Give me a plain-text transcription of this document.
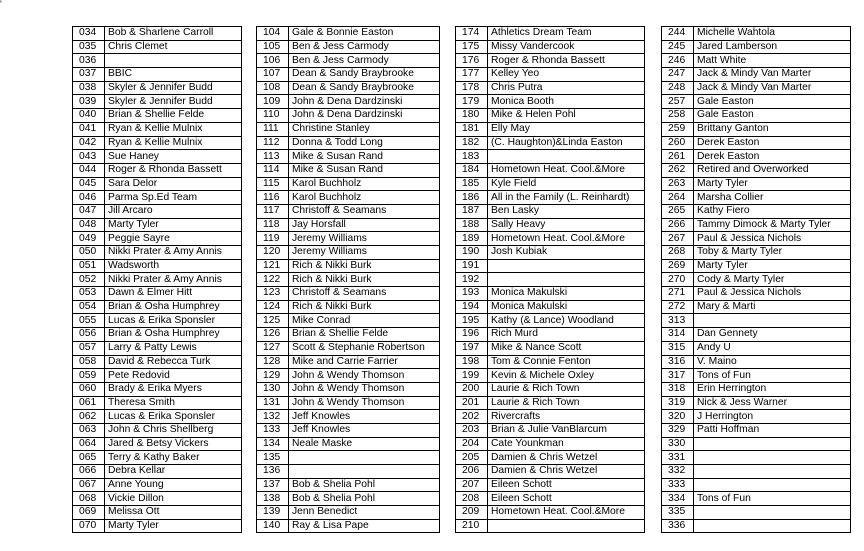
'
034	Bob & Sharlene Carroll
035	Chris Clemet
036	
037	BBIC
038	Skyler & Jennifer Budd
039	Skyler & Jennifer Budd
040	Brian & Shellie Felde
041	Ryan & Kellie Mulnix
042	Ryan & Kellie Mulnix
043	Sue Haney
044	Roger & Rhonda Bassett
045	Sara Delor
046	Parma Sp.Ed Team
047	Jill Arcaro
048	Marty Tyler
049	Peggie Sayre
050	Nikki Prater & Amy Annis
051	Wadsworth
052	Nikki Prater & Amy Annis
053	Dawn & Elmer Hitt
054	Brian & Osha Humphrey
055	Lucas & Erika Sponsler
056	Brian & Osha Humphrey
057	Larry & Patty Lewis
058	David & Rebecca Turk
059	Pete Redovid
060	Brady & Erika Myers
061	Theresa Smith
062	Lucas & Erika Sponsler
063	John & Chris Shellberg
064	Jared & Betsy Vickers
065	Terry & Kathy Baker
066	Debra Kellar
067	Anne Young
068	Vickie Dillon
069	Melissa Ott
070	Marty Tyler
104	Gale & Bonnie Easton
105	Ben & Jess Carmody
106	Ben & Jess Carmody
107	Dean & Sandy Braybrooke
108	Dean & Sandy Braybrooke
109	John & Dena Dardzinski
110	John & Dena Dardzinski
111	Christine Stanley
112	Donna & Todd Long
113	Mike & Susan Rand
114	Mike & Susan Rand
115	Karol Buchholz
116	Karol Buchholz
117	Christoff & Seamans
118	Jay Horsfall
119	Jeremy Williams
120	Jeremy Williams
121	Rich & Nikki Burk
122	Rich & Nikki Burk
123	Christoff & Seamans
124	Rich & Nikki Burk
125	Mike Conrad
126	Brian & Shellie Felde
127	Scott & Stephanie Robertson
128	Mike and Carrie Farrier
129	John & Wendy Thomson
130	John & Wendy Thomson
131	John & Wendy Thomson
132	Jeff Knowles
133	Jeff Knowles
134	Neale Maske
135	
136	
137	Bob & Shelia Pohl
138	Bob & Shelia Pohl
139	Jenn Benedict
140	Ray & Lisa Pape
174	Athletics Dream Team
175	Missy Vandercook
176	Roger & Rhonda Bassett
177	Kelley Yeo
178	Chris Putra
179	Monica Booth
180	Mike & Helen Pohl
181	Elly May
182	(C. Haughton)&Linda Easton
183	
184	Hometown Heat. Cool.&More
185	Kyle Field
186	All in the Family (L. Reinhardt)
187	Ben Lasky
188	Sally Heavy
189	Hometown Heat. Cool.&More
190	Josh Kubiak
191	
192	
193	Monica Makulski
194	Monica Makulski
195	Kathy (& Lance) Woodland
196	Rich Murd
197	Mike & Nance Scott
198	Tom & Connie Fenton
199	Kevin & Michele Oxley
200	Laurie & Rich Town
201	Laurie & Rich Town
202	Rivercrafts
203	Brian & Julie VanBlarcum
204	Cate Younkman
205	Damien & Chris Wetzel
206	Damien & Chris Wetzel
207	Eileen Schott
208	Eileen Schott
209	Hometown Heat. Cool.&More
210	
244	Michelle Wahtola
245	Jared Lamberson
246	Matt White
247	Jack & Mindy Van Marter
248	Jack & Mindy Van Marter
257	Gale Easton
258	Gale Easton
259	Brittany Ganton
260	Derek Easton
261	Derek Easton
262	Retired and Overworked
263	Marty Tyler
264	Marsha Collier
265	Kathy Fiero
266	Tammy Dimock & Marty Tyler
267	Paul & Jessica Nichols
268	Toby & Marty Tyler
269	Marty Tyler
270	Cody & Marty Tyler
271	Paul & Jessica Nichols
272	Mary & Marti
313	
314	Dan Gennety
315	Andy U
316	V. Maino
317	Tons of Fun
318	Erin Herrington
319	Nick & Jess Warner
320	J Herrington
329	Patti Hoffman
330	
331	
332	
333	
334	Tons of Fun
335	
336	
